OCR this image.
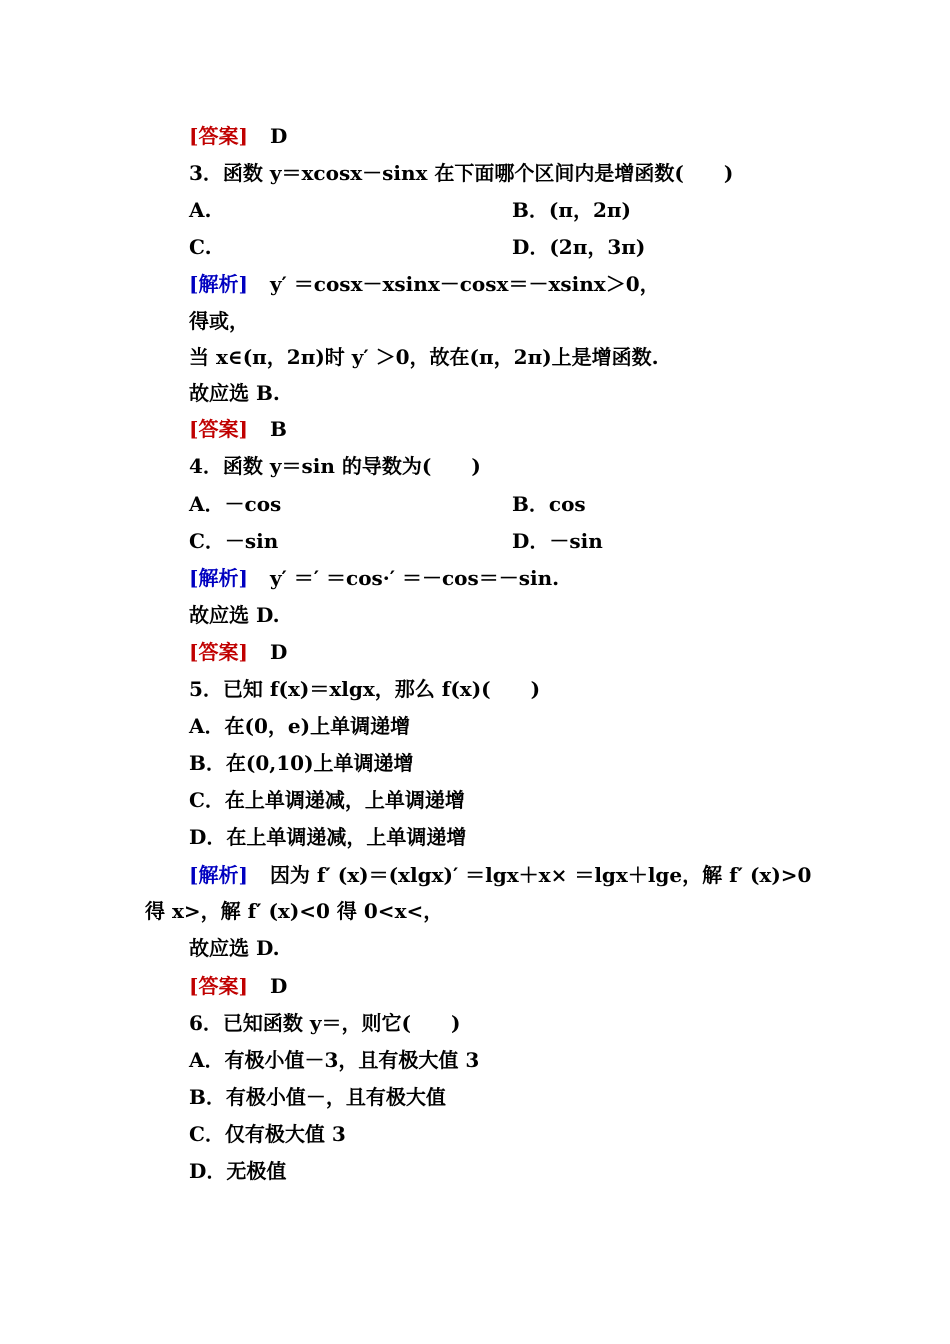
[答案] D
3．函数 y＝xcosx－sinx 在下面哪个区间内是增函数(　　)
A.	B．(π，2π)
C.	D．(2π，3π)
[解析] y′ ＝cosx－xsinx－cosx＝－xsinx＞0，
得或，
当 x∈(π，2π)时 y′ ＞0，故在(π，2π)上是增函数.
故应选 B.
[答案] B
4．函数 y＝sin 的导数为(　　)
A．－cos	B．cos
C．－sin	D．－sin
[解析] y′ ＝′ ＝cos·′ ＝－cos＝－sin.
故应选 D.
[答案] D
5．已知 f(x)＝xlgx，那么 f(x)(　　)
A．在(0，e)上单调递增
B．在(0,10)上单调递增
C．在上单调递减，上单调递增
D．在上单调递减，上单调递增
[解析] 因为 f′ (x)＝(xlgx)′ ＝lgx＋x× ＝lgx＋lge，解 f′ (x)>0
得 x>，解 f′ (x)<0 得 0<x<，
故应选 D.
[答案] D
6．已知函数 y＝，则它(　　)
A．有极小值－3，且有极大值 3
B．有极小值－，且有极大值
C．仅有极大值 3
D．无极值
